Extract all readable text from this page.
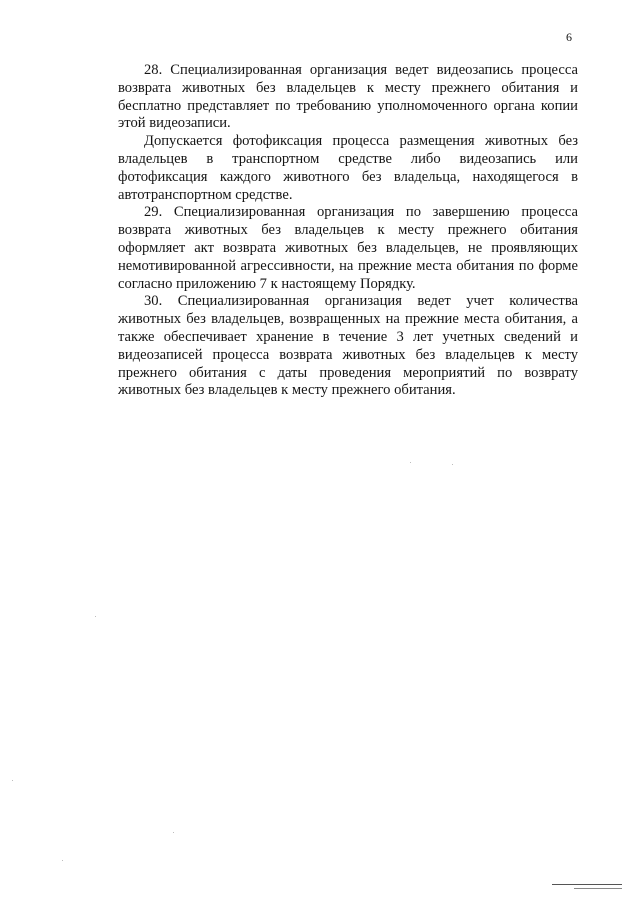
6

28. Специализированная организация ведет видеозапись процесса возврата животных без владельцев к месту прежнего обитания и бесплатно представляет по требованию уполномоченного органа копии этой видеозаписи.

Допускается фотофиксация процесса размещения животных без владельцев в транспортном средстве либо видеозапись или фотофиксация каждого животного без владельца, находящегося в автотранспортном средстве.

29. Специализированная организация по завершению процесса возврата животных без владельцев к месту прежнего обитания оформляет акт возврата животных без владельцев, не проявляющих немотивированной агрессивности, на прежние места обитания по форме согласно приложению 7 к настоящему Порядку.

30. Специализированная организация ведет учет количества животных без владельцев, возвращенных на прежние места обитания, а также обеспечивает хранение в течение 3 лет учетных сведений и видеозаписей процесса возврата животных без владельцев к месту прежнего обитания с даты проведения мероприятий по возврату животных без владельцев к месту прежнего обитания.
